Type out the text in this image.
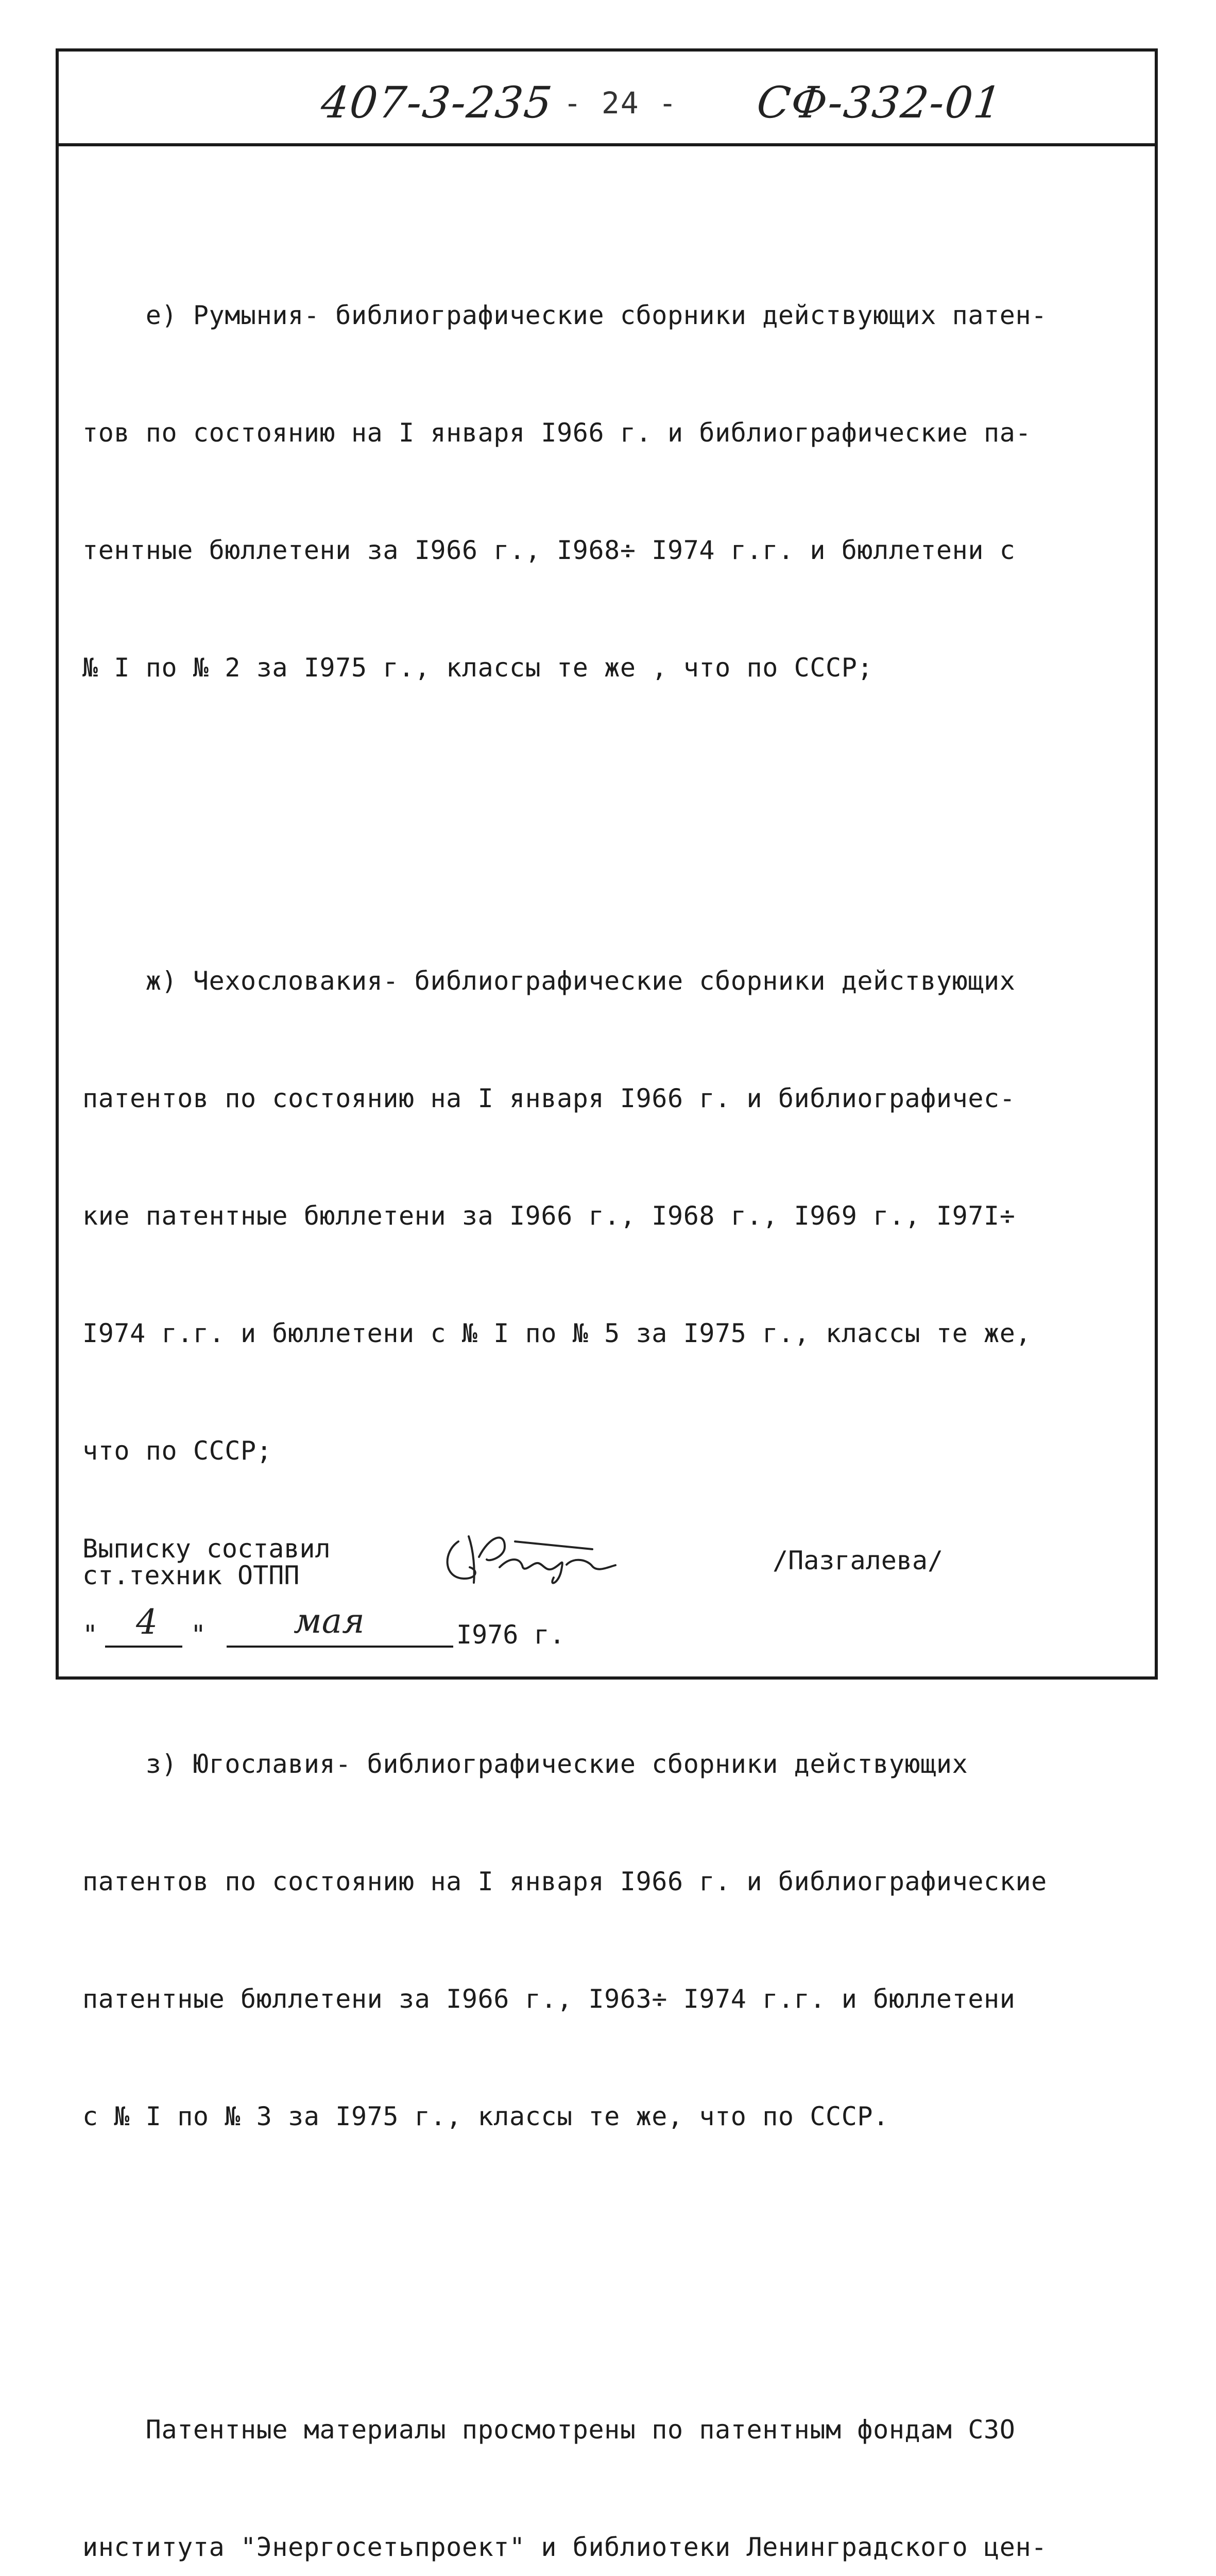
407-3-235 - 24 - СФ-332-01

е) Румыния- библиографические сборники действующих патен-

тов по состоянию на I января I966 г. и библиографические па-

тентные бюллетени за I966 г., I968÷ I974 г.г. и бюллетени с

№ I по № 2 за I975 г., классы те же , что по СССР;

ж) Чехословакия- библиографические сборники действующих

патентов по состоянию на I января I966 г. и библиографичес-

кие патентные бюллетени за I966 г., I968 г., I969 г., I97I÷

I974 г.г. и бюллетени с № I по № 5 за I975 г., классы те же,

что по СССР;

з) Югославия- библиографические сборники действующих

патентов по состоянию на I января I966 г. и библиографические

патентные бюллетени за I966 г., I963÷ I974 г.г. и бюллетени

с № I по № 3 за I975 г., классы те же, что по СССР.

Патентные материалы просмотрены по патентным фондам СЗО

института "Энергосетьпроект" и библиотеки Ленинградского цен-

Выписку составил
ст.техник ОТПП	/Пазгалева/
" 4 "	мая	I976 г.
